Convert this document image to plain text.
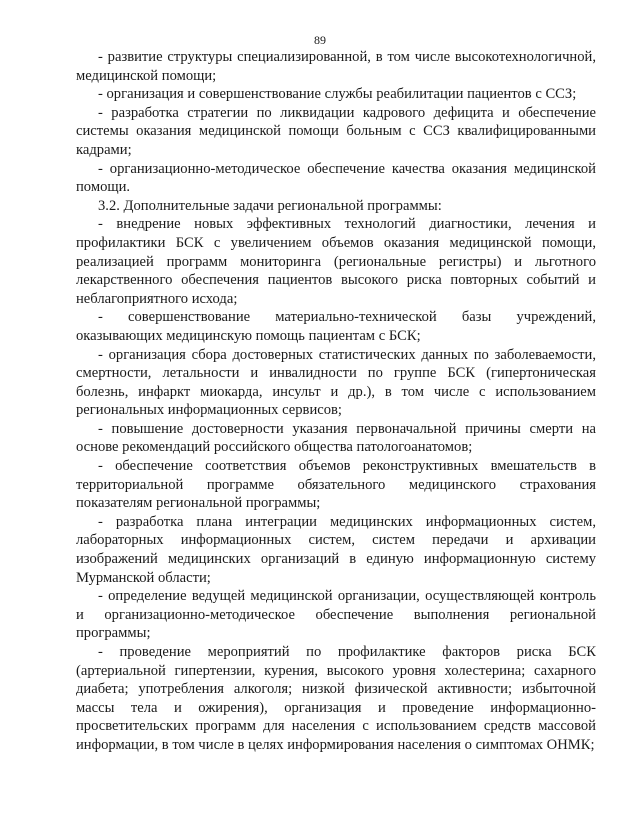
89

- развитие структуры специализированной, в том числе высокотехнологичной, медицинской помощи;

- организация и совершенствование службы реабилитации пациентов с ССЗ;

- разработка стратегии по ликвидации кадрового дефицита и обеспечение системы оказания медицинской помощи больным с ССЗ квалифицированными кадрами;

- организационно-методическое обеспечение качества оказания медицинской помощи.

3.2. Дополнительные задачи региональной программы:

- внедрение новых эффективных технологий диагностики, лечения и профилактики БСК с увеличением объемов оказания медицинской помощи, реализацией программ мониторинга (региональные регистры) и льготного лекарственного обеспечения пациентов высокого риска повторных событий и неблагоприятного исхода;

- совершенствование материально-технической базы учреждений, оказывающих медицинскую помощь пациентам с БСК;

- организация сбора достоверных статистических данных по заболеваемости, смертности, летальности и инвалидности по группе БСК (гипертоническая болезнь, инфаркт миокарда, инсульт и др.), в том числе с использованием региональных информационных сервисов;

- повышение достоверности указания первоначальной причины смерти на основе рекомендаций российского общества патологоанатомов;

- обеспечение соответствия объемов реконструктивных вмешательств в территориальной программе обязательного медицинского страхования показателям региональной программы;

- разработка плана интеграции медицинских информационных систем, лабораторных информационных систем, систем передачи и архивации изображений медицинских организаций в единую информационную систему Мурманской области;

- определение ведущей медицинской организации, осуществляющей контроль и организационно-методическое обеспечение выполнения региональной программы;

- проведение мероприятий по профилактике факторов риска БСК (артериальной гипертензии, курения, высокого уровня холестерина; сахарного диабета; употребления алкоголя; низкой физической активности; избыточной массы тела и ожирения), организация и проведение информационно-просветительских программ для населения с использованием средств массовой информации, в том числе в целях информирования населения о симптомах ОНМК;
